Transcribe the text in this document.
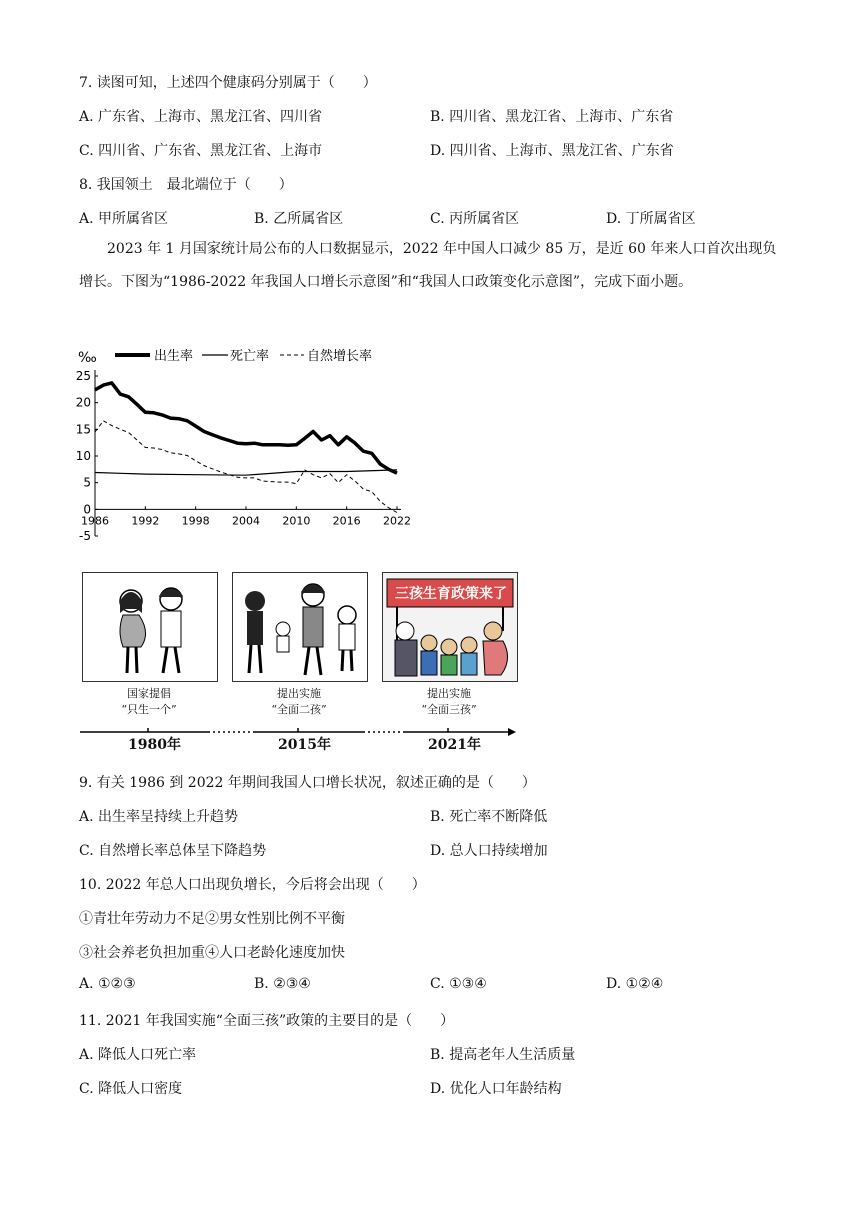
7. 读图可知，上述四个健康码分别属于（　　）
A. 广东省、上海市、黑龙江省、四川省	B. 四川省、黑龙江省、上海市、广东省
C. 四川省、广东省、黑龙江省、上海市	D. 四川省、上海市、黑龙江省、广东省
8. 我国领土　最北端位于（　　）
A. 甲所属省区	B. 乙所属省区	C. 丙所属省区	D. 丁所属省区
2023 年 1 月国家统计局公布的人口数据显示，2022 年中国人口减少 85 万，是近 60 年来人口首次出现负增长。下图为“1986-2022 年我国人口增长示意图”和“我国人口政策变化示意图”，完成下面小题。
‰	出生率	死亡率	自然增长率
25
20
15
10
5
0
-5
1986 1992 1998 2004 2010 2016 2022
三孩生育政策来了
国家提倡
“只生一个”
提出实施
“全面二孩”
提出实施
“全面三孩”
1980年	2015年	2021年
9. 有关 1986 到 2022 年期间我国人口增长状况，叙述正确的是（　　）
A. 出生率呈持续上升趋势	B. 死亡率不断降低
C. 自然增长率总体呈下降趋势	D. 总人口持续增加
10. 2022 年总人口出现负增长，今后将会出现（　　）
①青壮年劳动力不足②男女性别比例不平衡
③社会养老负担加重④人口老龄化速度加快
A. ①②③	B. ②③④	C. ①③④	D. ①②④
11. 2021 年我国实施“全面三孩”政策的主要目的是（　　）
A. 降低人口死亡率	B. 提高老年人生活质量
C. 降低人口密度	D. 优化人口年龄结构
